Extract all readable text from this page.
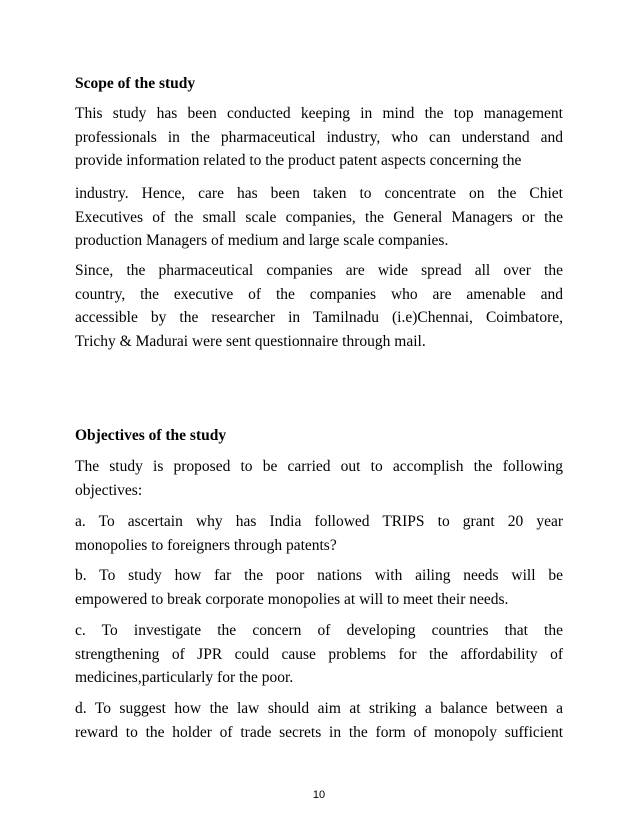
Scope of the study
This study has been conducted keeping in mind the top management
professionals in the pharmaceutical industry, who can understand and
provide information related to the product patent aspects concerning the
industry. Hence, care has been taken to concentrate on the Chiet
Executives of the small scale companies, the General Managers or the
production Managers of medium and large scale companies.
Since, the pharmaceutical companies are wide spread all over the
country, the executive of the companies who are amenable and
accessible by the researcher in Tamilnadu (i.e)Chennai, Coimbatore,
Trichy & Madurai were sent questionnaire through mail.
Objectives of the study
The study is proposed to be carried out to accomplish the following
objectives:
a. To ascertain why has India followed TRIPS to grant 20 year
monopolies to foreigners through patents?
b. To study how far the poor nations with ailing needs will be
empowered to break corporate monopolies at will to meet their needs.
c. To investigate the concern of developing countries that the
strengthening of JPR could cause problems for the affordability of
medicines,particularly for the poor.
d. To suggest how the law should aim at striking a balance between a
reward to the holder of trade secrets in the form of monopoly sufficient
10
